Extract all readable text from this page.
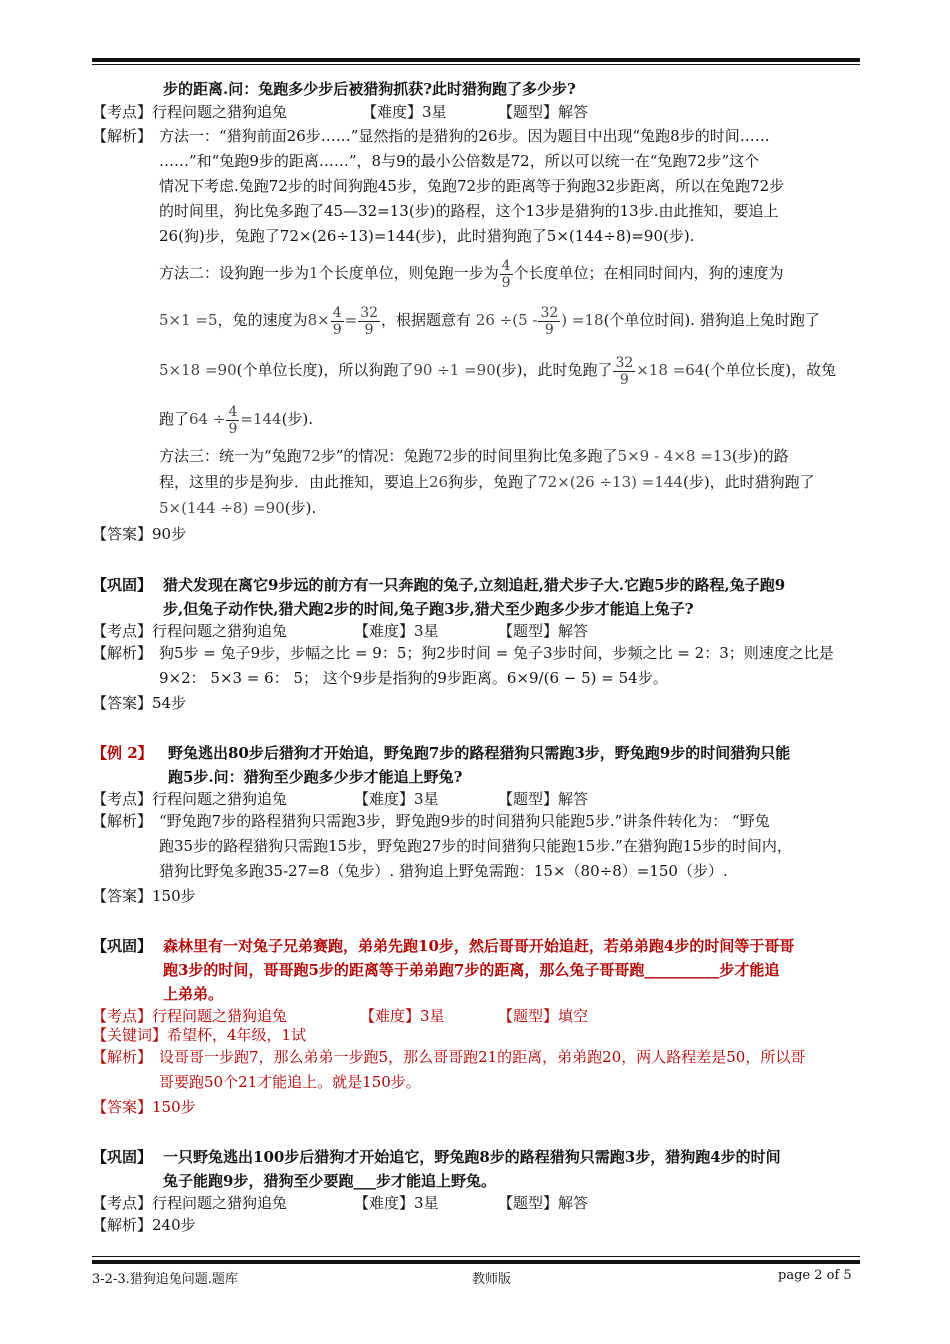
步的距离.问：兔跑多少步后被猎狗抓获?此时猎狗跑了多少步?
【考点】行程问题之猎狗追兔	【难度】3星	【题型】解答
【解析】 方法一：“猎狗前面26步……”显然指的是猎狗的26步。因为题目中出现“兔跑8步的时间……
……”和“兔跑9步的距离……”，8与9的最小公倍数是72，所以可以统一在“兔跑72步”这个
情况下考虑.兔跑72步的时间狗跑45步，兔跑72步的距离等于狗跑32步距离，所以在兔跑72步
的时间里，狗比兔多跑了45—32=13(步)的路程，这个13步是猎狗的13步.由此推知，要追上
26(狗)步，兔跑了72×(26÷13)=144(步)，此时猎狗跑了5×(144÷8)=90(步).
方法二：设狗跑一步为1个长度单位，则兔跑一步为 $\frac{4}{9}$ 个长度单位；在相同时间内，狗的速度为
5×1 =5，兔的速度为$8\times \frac{4}{9} = \frac{32}{9}$ ，根据题意有 $26 \div(5 - \frac{32}{9}$ ) =18(个单位时间). 猎狗追上兔时跑了
5×18 =90(个单位长度)，所以狗跑了90 ÷1 =90(步)，此时兔跑了 $\frac{32}{9} \times 18 =64$(个单位长度)，故兔
跑了$64 \div \frac{4}{9} =144$(步).
方法三：统一为“兔跑72步”的情况：兔跑72步的时间里狗比兔多跑了5×9 - 4×8 =13(步)的路
程，这里的步是狗步．由此推知，要追上26狗步，兔跑了72×(26 ÷13) =144(步)，此时猎狗跑了
5×(144 ÷8) =90(步).
【答案】90步
【巩固】 猎犬发现在离它9步远的前方有一只奔跑的兔子,立刻追赶,猎犬步子大.它跑5步的路程,兔子跑9
步,但兔子动作快,猎犬跑2步的时间,兔子跑3步,猎犬至少跑多少步才能追上兔子?
【考点】行程问题之猎狗追兔	【难度】3星	【题型】解答
【解析】 狗5步 = 兔子9步，步幅之比 = 9：5；狗2步时间 = 兔子3步时间，步频之比 = 2：3；则速度之比是
9×2： 5×3 = 6： 5； 这个9步是指狗的9步距离。6×9/(6 − 5) = 54步。
【答案】54步
【例 2】 野兔逃出80步后猎狗才开始追，野兔跑7步的路程猎狗只需跑3步，野兔跑9步的时间猎狗只能
跑5步.问：猎狗至少跑多少步才能追上野兔?
【考点】行程问题之猎狗追兔	【难度】3星	【题型】解答
【解析】 “野兔跑7步的路程猎狗只需跑3步，野兔跑9步的时间猎狗只能跑5步.”讲条件转化为： “野兔
跑35步的路程猎狗只需跑15步，野兔跑27步的时间猎狗只能跑15步.”在猎狗跑15步的时间内，
猎狗比野兔多跑35-27=8（兔步）. 猎狗追上野兔需跑：15×（80÷8）=150（步）.
【答案】150步
【巩固】 森林里有一对兔子兄弟赛跑，弟弟先跑10步，然后哥哥开始追赶，若弟弟跑4步的时间等于哥哥
跑3步的时间，哥哥跑5步的距离等于弟弟跑7步的距离，那么兔子哥哥跑__________步才能追
上弟弟。
【考点】行程问题之猎狗追兔	【难度】3星	【题型】填空
【关键词】希望杯，4年级，1试
【解析】 设哥哥一步跑7，那么弟弟一步跑5，那么哥哥跑21的距离，弟弟跑20，两人路程差是50，所以哥
哥要跑50个21才能追上。就是150步。
【答案】150步
【巩固】 一只野兔逃出100步后猎狗才开始追它，野兔跑8步的路程猎狗只需跑3步，猎狗跑4步的时间
兔子能跑9步，猎狗至少要跑___步才能追上野兔。
【考点】行程问题之猎狗追兔	【难度】3星	【题型】解答
【解析】240步
3-2-3.猎狗追兔问题.题库	教师版	page 2 of 5
